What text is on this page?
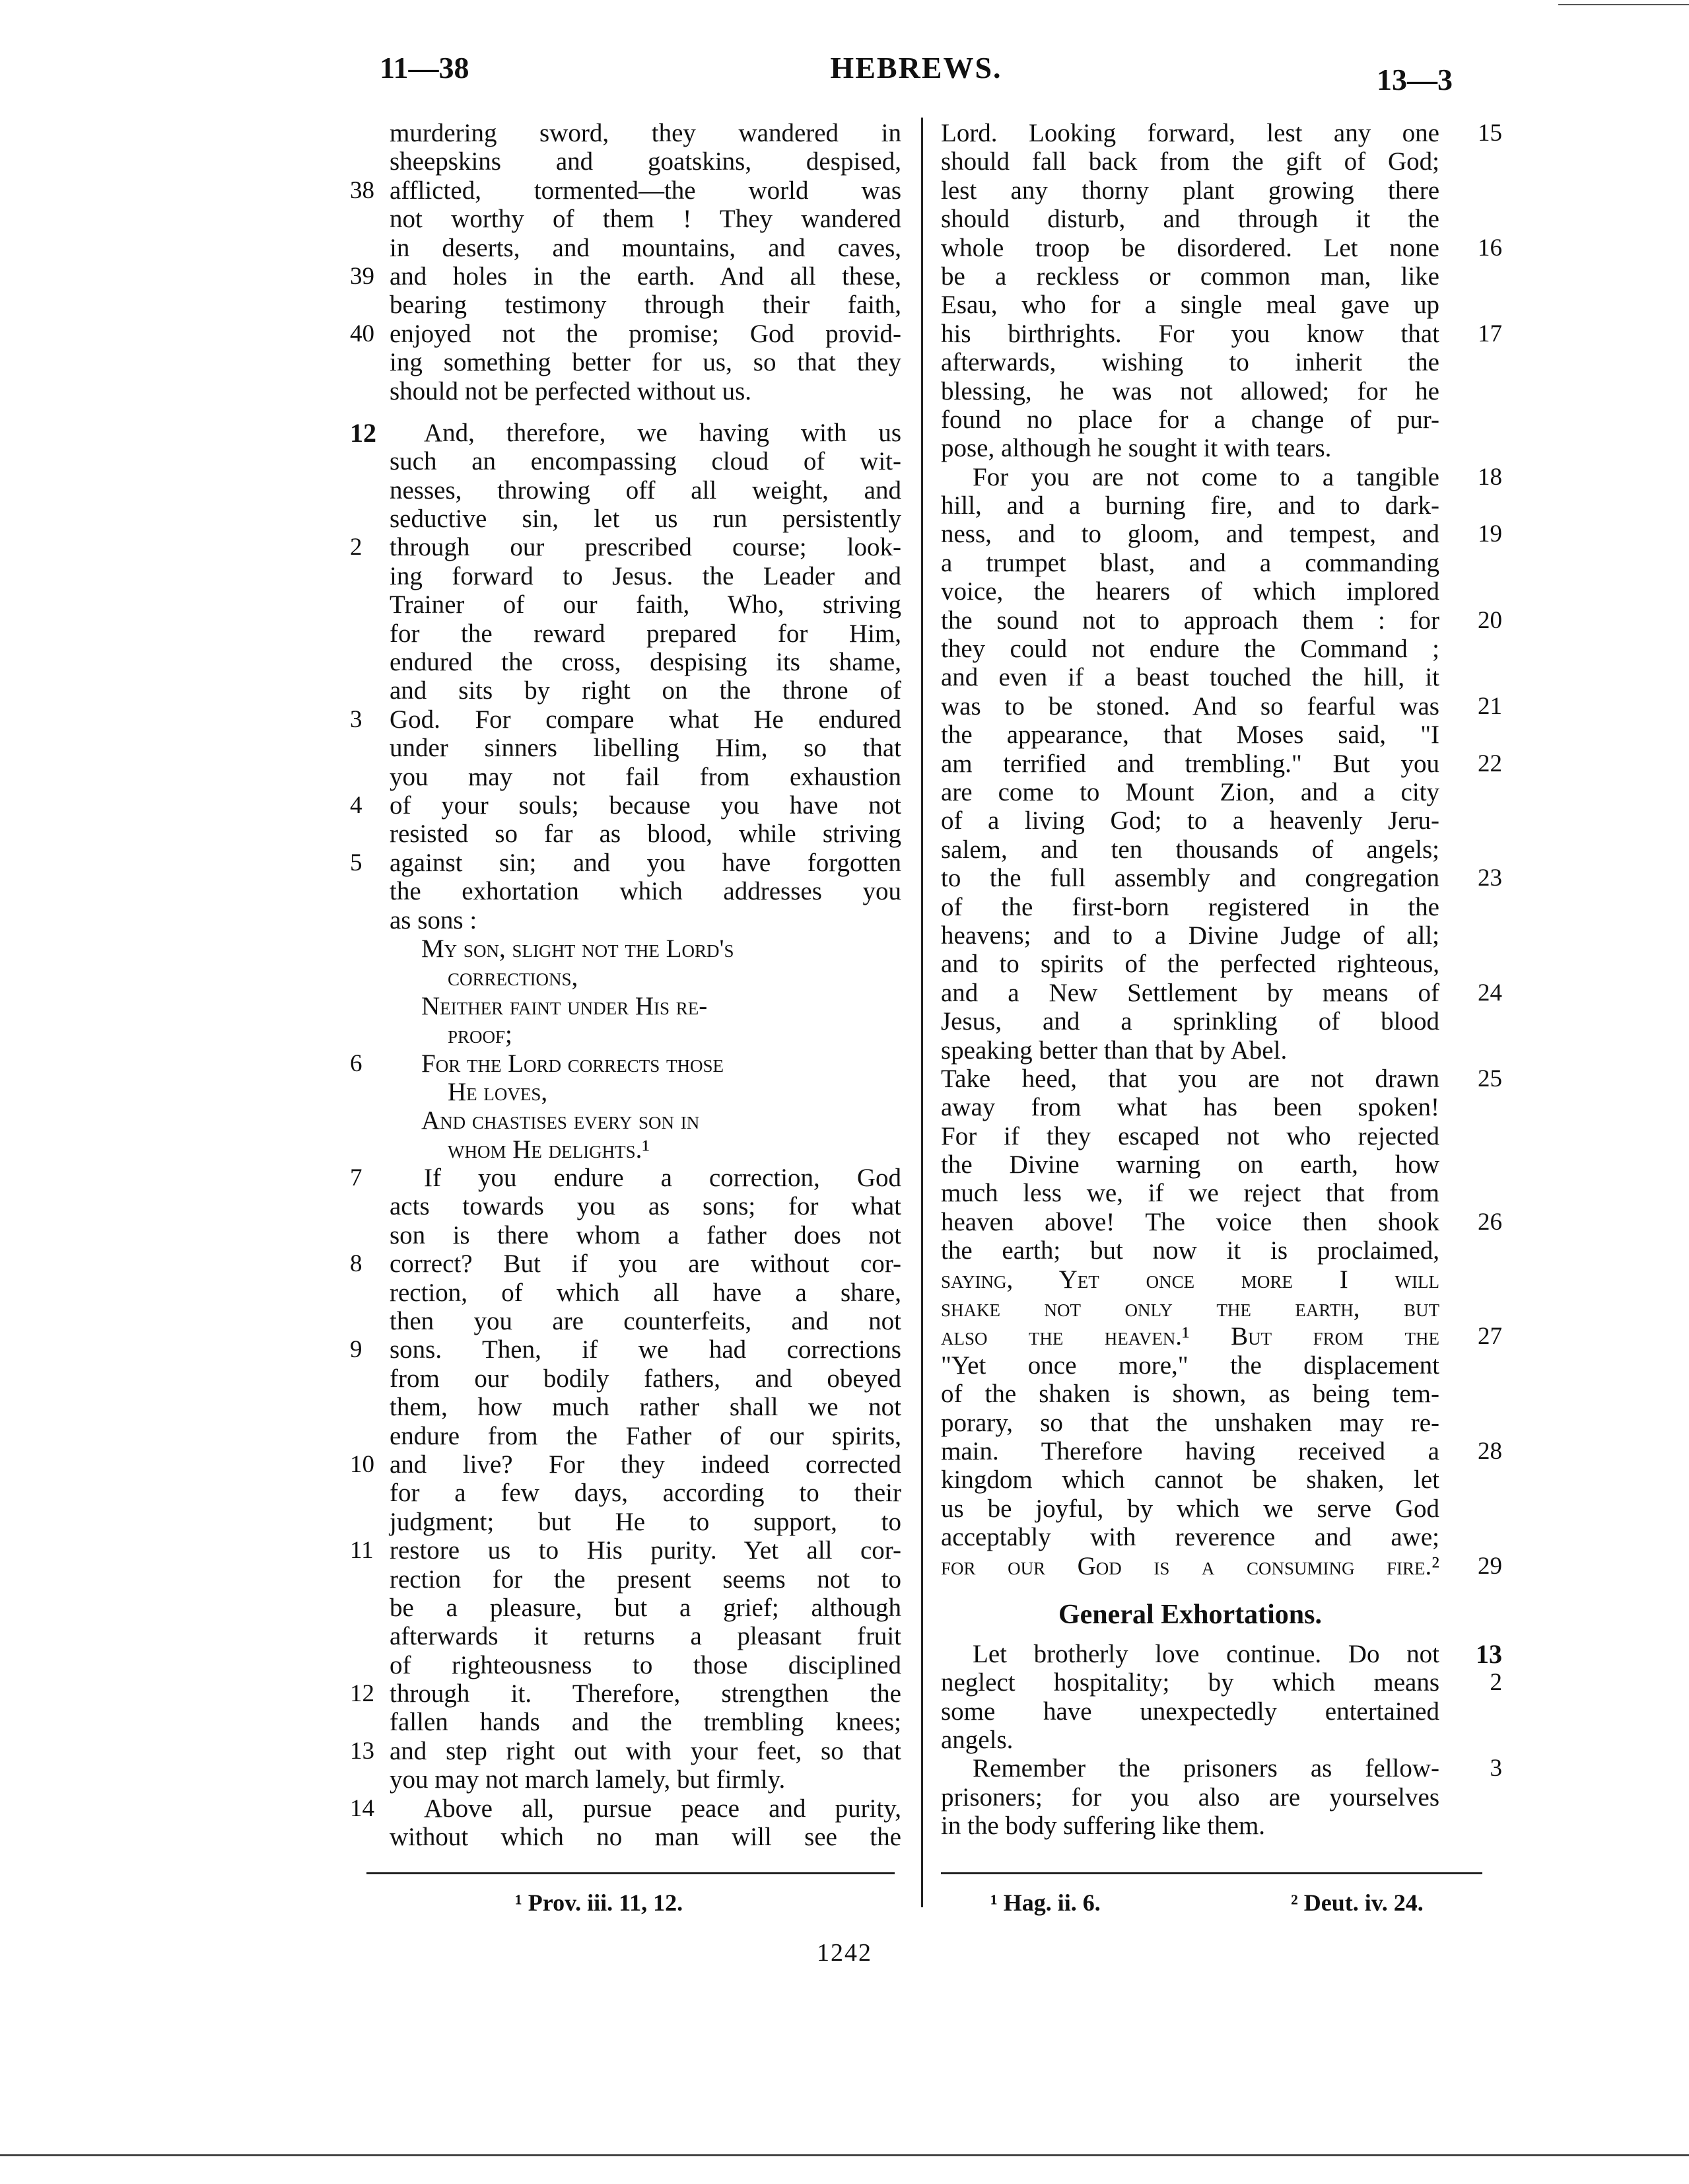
11—38	HEBREWS.	13—3
murdering sword, they wandered in
sheepskins and goatskins, despised,
38 afflicted, tormented—the world was
not worthy of them ! They wandered
in deserts, and mountains, and caves,
39 and holes in the earth. And all these,
bearing testimony through their faith,
40 enjoyed not the promise; God provid-
ing something better for us, so that they
should not be perfected without us.
12	And, therefore, we having with us
such an encompassing cloud of wit-
nesses, throwing off all weight, and
seductive sin, let us run persistently
2	through our prescribed course; look-
ing forward to Jesus. the Leader and
Trainer of our faith, Who, striving
for the reward prepared for Him,
endured the cross, despising its shame,
and sits by right on the throne of
3	God. For compare what He endured
under sinners libelling Him, so that
you may not fail from exhaustion
4	of your souls; because you have not
resisted so far as blood, while striving
5	against sin; and you have forgotten
the exhortation which addresses you
as sons :
My son, slight not the Lord's
corrections,
Neither faint under His re-
proof;
6	For the Lord corrects those
He loves,
And chastises every son in
whom He delights.¹
7	If you endure a correction, God
acts towards you as sons; for what
son is there whom a father does not
8	correct? But if you are without cor-
rection, of which all have a share,
then you are counterfeits, and not
9	sons. Then, if we had corrections
from our bodily fathers, and obeyed
them, how much rather shall we not
endure from the Father of our spirits,
10 and live? For they indeed corrected
for a few days, according to their
judgment; but He to support, to
11 restore us to His purity. Yet all cor-
rection for the present seems not to
be a pleasure, but a grief; although
afterwards it returns a pleasant fruit
of righteousness to those disciplined
12 through it. Therefore, strengthen the
fallen hands and the trembling knees;
13 and step right out with your feet, so that
you may not march lamely, but firmly.
14	Above all, pursue peace and purity,
without which no man will see the
Lord. Looking forward, lest any one	15
should fall back from the gift of God;
lest any thorny plant growing there
should disturb, and through it the
whole troop be disordered. Let none	16
be a reckless or common man, like
Esau, who for a single meal gave up
his birthrights. For you know that	17
afterwards, wishing to inherit the
blessing, he was not allowed; for he
found no place for a change of pur-
pose, although he sought it with tears.
For you are not come to a tangible	18
hill, and a burning fire, and to dark-
ness, and to gloom, and tempest, and	19
a trumpet blast, and a commanding
voice, the hearers of which implored
the sound not to approach them : for	20
they could not endure the Command ;
and even if a beast touched the hill, it
was to be stoned. And so fearful was	21
the appearance, that Moses said, "I
am terrified and trembling." But you	22
are come to Mount Zion, and a city
of a living God; to a heavenly Jeru-
salem, and ten thousands of angels;
to the full assembly and congregation	23
of the first-born registered in the
heavens; and to a Divine Judge of all;
and to spirits of the perfected righteous,
and a New Settlement by means of	24
Jesus, and a sprinkling of blood
speaking better than that by Abel.
Take heed, that you are not drawn	25
away from what has been spoken!
For if they escaped not who rejected
the Divine warning on earth, how
much less we, if we reject that from
heaven above! The voice then shook	26
the earth; but now it is proclaimed,
saying, Yet once more I will
shake not only the earth, but
also the heaven.¹ But from the	27
"Yet once more," the displacement
of the shaken is shown, as being tem-
porary, so that the unshaken may re-
main. Therefore having received a	28
kingdom which cannot be shaken, let
us be joyful, by which we serve God
acceptably with reverence and awe;
for our God is a consuming fire.²	29
General Exhortations.
Let brotherly love continue. Do not	13
neglect hospitality; by which means	2
some have unexpectedly entertained
angels.
Remember the prisoners as fellow-	3
prisoners; for you also are yourselves
in the body suffering like them.
¹ Prov. iii. 11, 12.	¹ Hag. ii. 6.	² Deut. iv. 24.
1242
